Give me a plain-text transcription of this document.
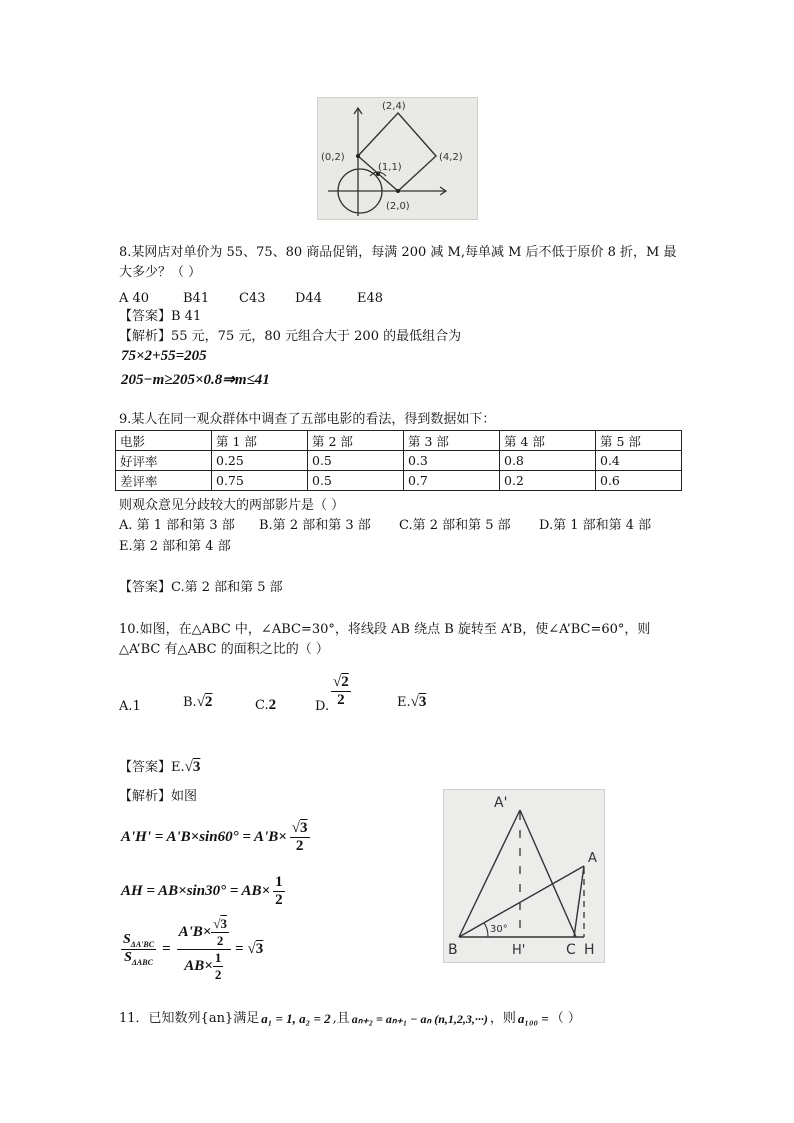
(2,4)
(0,2)
(1,1)
(4,2)
(2,0)
8.某网店对单价为 55、75、80 商品促销，每满 200 减 M,每单减 M 后不低于原价 8 折，M 最
大多少？（ ）
A 40	B41 C43 D44	E48
【答案】B 41
【解析】55 元，75 元，80 元组合大于 200 的最低组合为
75×2+55=205
205−m≥205×0.8⇒m≤41
9.某人在同一观众群体中调查了五部电影的看法，得到数据如下：
电影	第 1 部	第 2 部	第 3 部	第 4 部	第 5 部
好评率	0.25	0.5	0.3	0.8	0.4
差评率	0.75	0.5	0.7	0.2	0.6
则观众意见分歧较大的两部影片是（ ）
A. 第 1 部和第 3 部 B.第 2 部和第 3 部 C.第 2 部和第 5 部 D.第 1 部和第 4 部
E.第 2 部和第 4 部
【答案】C.第 2 部和第 5 部
10.如图，在△ABC 中，∠ABC=30°，将线段 AB 绕点 B 旋转至 A’B，使∠A’BC=60°，则
△A’BC 有△ABC 的面积之比的（ ）
A.1	B.√2	C.2	D. $\frac{√2}{2}$	E.√3
【答案】E.√3
【解析】如图
$A'H' = A'B\times\sin 60^\circ = A'B\times \frac{√3}{2}$
AH = $AB\times\sin 30^\circ = AB\times \frac{1}{2}$
$\frac{S_{\Delta A'BC}}{S_{\Delta ABC}} = \frac{A'B\times \frac{√3}{2}}{AB\times \frac{1}{2}} = √3$
A'
A
B	H'	C H
30°
11．已知数列{an}满足 a₁ = 1, a₂ = 2 ,且 aₙ₊₂ = aₙ₊₁ − aₙ (n,1,2,3,···) ，则 a₁₀₀ = （ ）
